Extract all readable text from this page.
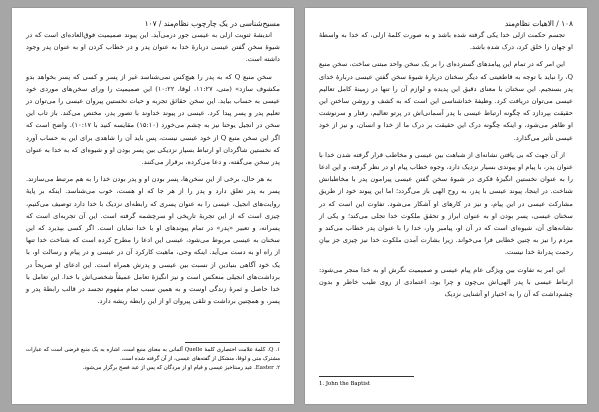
مسیح‌شناسی در یک چارچوب نظام‌مند / ۱۰۷

اندیشهٔ ثنویت ازلی به عیسی جور درمی‌آید. این پیوند صمیمیت فوق‌العاده‌ای است که در شیوهٔ سخن گفتن عیسی دربارهٔ خدا به عنوان پدر و در خطاب کردن او به عنوان پدر وجود داشته است.

سخن منبع Q که به پدر را هیچ‌کس نمی‌شناسد غیر از پسر و کسی که پسر بخواهد بدو مکشوف سازد» (متی، ۱۱:۲۷، لوقا، ۱۰:۲۲) این صمیمیت را ورای سخن‌های موردی خود عیسی به حساب بیاید. این سخن حقائق تجربه و حیات نخستین پیروان عیسی را می‌توان در تعلیم پدر و پسر پیدا کرد. عیسی در پیوند خداوند با تصور پدر، مختص می‌کند. باز تاب این سخن در انجیل یوحنا نیز به چشم می‌خورد (۱۵:۱۰) مقایسه کنید با ۱۰:۱۷). واضح است که اگر این سخن منبع Q از خود عیسی نیست، پس باید آن را شاهدی برای این به حساب آورد که نخستین شاگردان او ارتباط بسیار نزدیکی بین پسر بودن او و شیوه‌ای که به خدا به عنوان پدر سخن می‌گفته، و دعا می‌کرده، برقرار می‌کنند.

به هر حال، برخی از این سخن‌ها، پسر بودن او و پدر بودن خدا را به هم مرتبط می‌سازند. پسر به پدر تعلق دارد و پدر را از هر جا که او هست، خوب می‌شناسد. اینکه بر پایهٔ روایت‌های انجیل، عیسی را به عنوان پسری که رابطه‌ای نزدیک با خدا دارد توصیف می‌کنیم، چیزی است که از این تجربهٔ تاریخی او سرچشمه گرفته است. این آن تجربه‌ای است که پسرانه، و تعبیر «پدر» در تمام پیوندهای او با خدا نمایان است. اگر کسی بپذیرد که این سخنان به عیسی مربوط می‌شود، عیسی این ادعا را مطرح کرده است که شناخت خدا تنها از راه او به دست می‌آید. اینکه وحی، ماهیت کارکرد آن در عیسی و در پیام و رسالت او، با یک خود آگاهی بنیادین از نسبت بین عیسی و پدرش همراه است. این ادعای او صریحاً در برداشت‌های انجیلی منعکس است و نیز انگیزهٔ تعامل عمیقاً شخصی‌اش با خدا. این تعامل با خدا حاصل و ثمرهٔ زندگی اوست و به همین سبب تمام مفهوم تجسد در قالب رابطهٔ پدر و پسر، و همچنین برداشت و تلقی پیروان او از این رابطه ریشه دارد.

۱. Q. کلمهٔ علامت اختصاری کلمهٔ Quelle آلمانی به معنای منبع است. اشاره به یک منبع فرضی است که عبارات مشترک متی و لوقا، متشکل از گفته‌های عیسی، از آن گرفته شده است.
۲. Easter. عید رستاخیز عیسی و قیام او از مردگان که پس از عید فصح برگزار می‌شود.
۱۰۸ / الاهیات نظام‌مند

تجسم حکمت ازلی خدا یکی گرفته شده باشد و به صورت کلمهٔ ازلی، که خدا به واسطهٔ او جهان را خلق کرد، درک شده باشد.

این امر که در تمام این پیامدهای گسترده‌ای را بر یک سخن واحد مبتنی ساخت، سخن منبع Q، را نباید با توجه به قاطعیتی که دیگر سخنان دربارهٔ شیوهٔ سخن گفتن عیسی دربارهٔ خدای پدر بسنجیم. این سخنان با معنای دقیق این پدیده و لوازم آن را تنها در زمینهٔ کامل تعالیم عیسی می‌توان دریافت کرد. وظیفهٔ خداشناسی این است که به کشف و روشن ساختن این حقیقت بپردازد که چگونه ارتباط عیسی با پدر آسمانی‌اش در پرتو تعالیم، رفتار و سرنوشت او ظاهر می‌شود، و اینکه چگونه درک این حقیقت بر درک ما از خدا و انسان، و نیز از خود عیسی تأثیر می‌گذارد.

از آن جهت که بی یافتن نشانه‌ای از شباهت بین عیسی و مخاطب قرار گرفته شدن خدا با عنوان پدر، با پیام او پیوندی بسیار نزدیک دارد، وجوه خطاب پیام او در نظر گرفته، و این ادعا را به عنوان نخستین انگیزهٔ فکری در شیوهٔ سخن گفتن عیسی پیرامون پدر با مخاطبانش شناخت. در اینجا، پیوند عیسی با پدر، به روح الهی باز می‌گردد؛ اما این پیوند خود از طریق مشارکت عیسی در این پیام، و نیز در کارهای او آشکار می‌شود. تفاوت این است که در سخنان عیسی، پسر بودن او به عنوان ابراز و تحقق ملکوت خدا تجلی می‌کند؛ و یکی از نشانه‌های آن، شیوه‌ای است که در آن او، پیامبر وار، خدا را با عنوان پدر خطاب می‌کند و مردم را نیز به چنین خطابی فرا می‌خواند. زیرا بشارت آمدن ملکوت خدا نیز چیزی جز بیانِ رحمت پدرانهٔ خدا نیست.

این امر به تفاوت بین ویژگی عام پیام عیسی و صمیمیت نگرش او به خدا منجر می‌شود: ارتباط عیسی با پدر الهی‌اش بی‌چون و چرا بود، اعتمادی از روی طیب خاطر و بدون چشم‌داشت که آن را به اختیار او آشنایی نزدیک

1. John the Baptist
